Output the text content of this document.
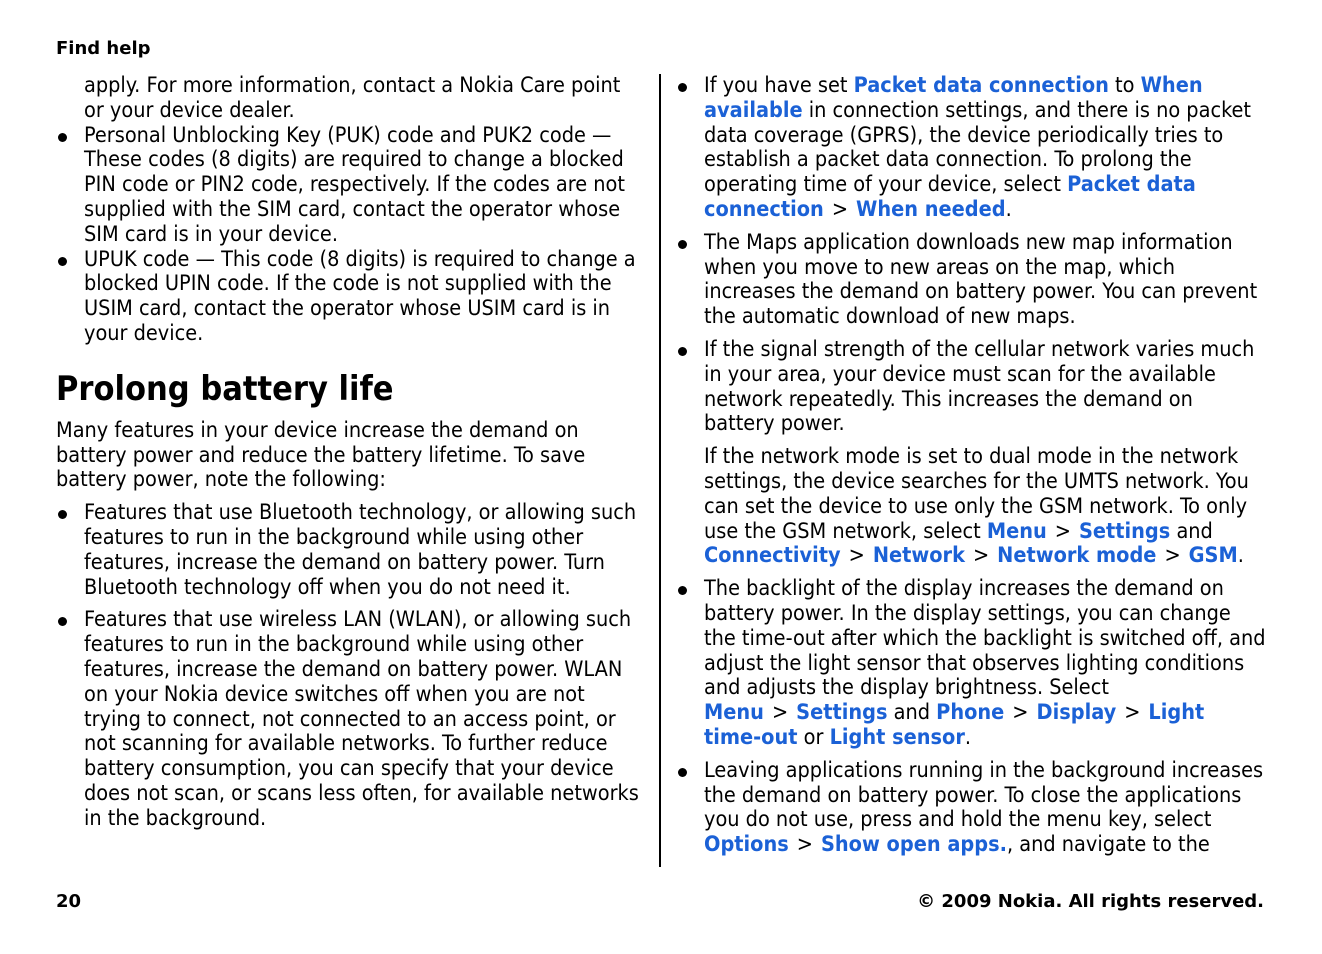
Find help

apply. For more information, contact a Nokia Care point or your device dealer.

Personal Unblocking Key (PUK) code and PUK2 code — These codes (8 digits) are required to change a blocked PIN code or PIN2 code, respectively. If the codes are not supplied with the SIM card, contact the operator whose SIM card is in your device.

UPUK code — This code (8 digits) is required to change a blocked UPIN code. If the code is not supplied with the USIM card, contact the operator whose USIM card is in your device.

Prolong battery life

Many features in your device increase the demand on battery power and reduce the battery lifetime. To save battery power, note the following:

Features that use Bluetooth technology, or allowing such features to run in the background while using other features, increase the demand on battery power. Turn Bluetooth technology off when you do not need it.

Features that use wireless LAN (WLAN), or allowing such features to run in the background while using other features, increase the demand on battery power. WLAN on your Nokia device switches off when you are not trying to connect, not connected to an access point, or not scanning for available networks. To further reduce battery consumption, you can specify that your device does not scan, or scans less often, for available networks in the background.

If you have set Packet data connection to When available in connection settings, and there is no packet data coverage (GPRS), the device periodically tries to establish a packet data connection. To prolong the operating time of your device, select Packet data connection > When needed.

The Maps application downloads new map information when you move to new areas on the map, which increases the demand on battery power. You can prevent the automatic download of new maps.

If the signal strength of the cellular network varies much in your area, your device must scan for the available network repeatedly. This increases the demand on battery power.

If the network mode is set to dual mode in the network settings, the device searches for the UMTS network. You can set the device to use only the GSM network. To only use the GSM network, select Menu > Settings and Connectivity > Network > Network mode > GSM.

The backlight of the display increases the demand on battery power. In the display settings, you can change the time-out after which the backlight is switched off, and adjust the light sensor that observes lighting conditions and adjusts the display brightness. Select Menu > Settings and Phone > Display > Light time-out or Light sensor.

Leaving applications running in the background increases the demand on battery power. To close the applications you do not use, press and hold the menu key, select Options > Show open apps., and navigate to the

20	© 2009 Nokia. All rights reserved.
